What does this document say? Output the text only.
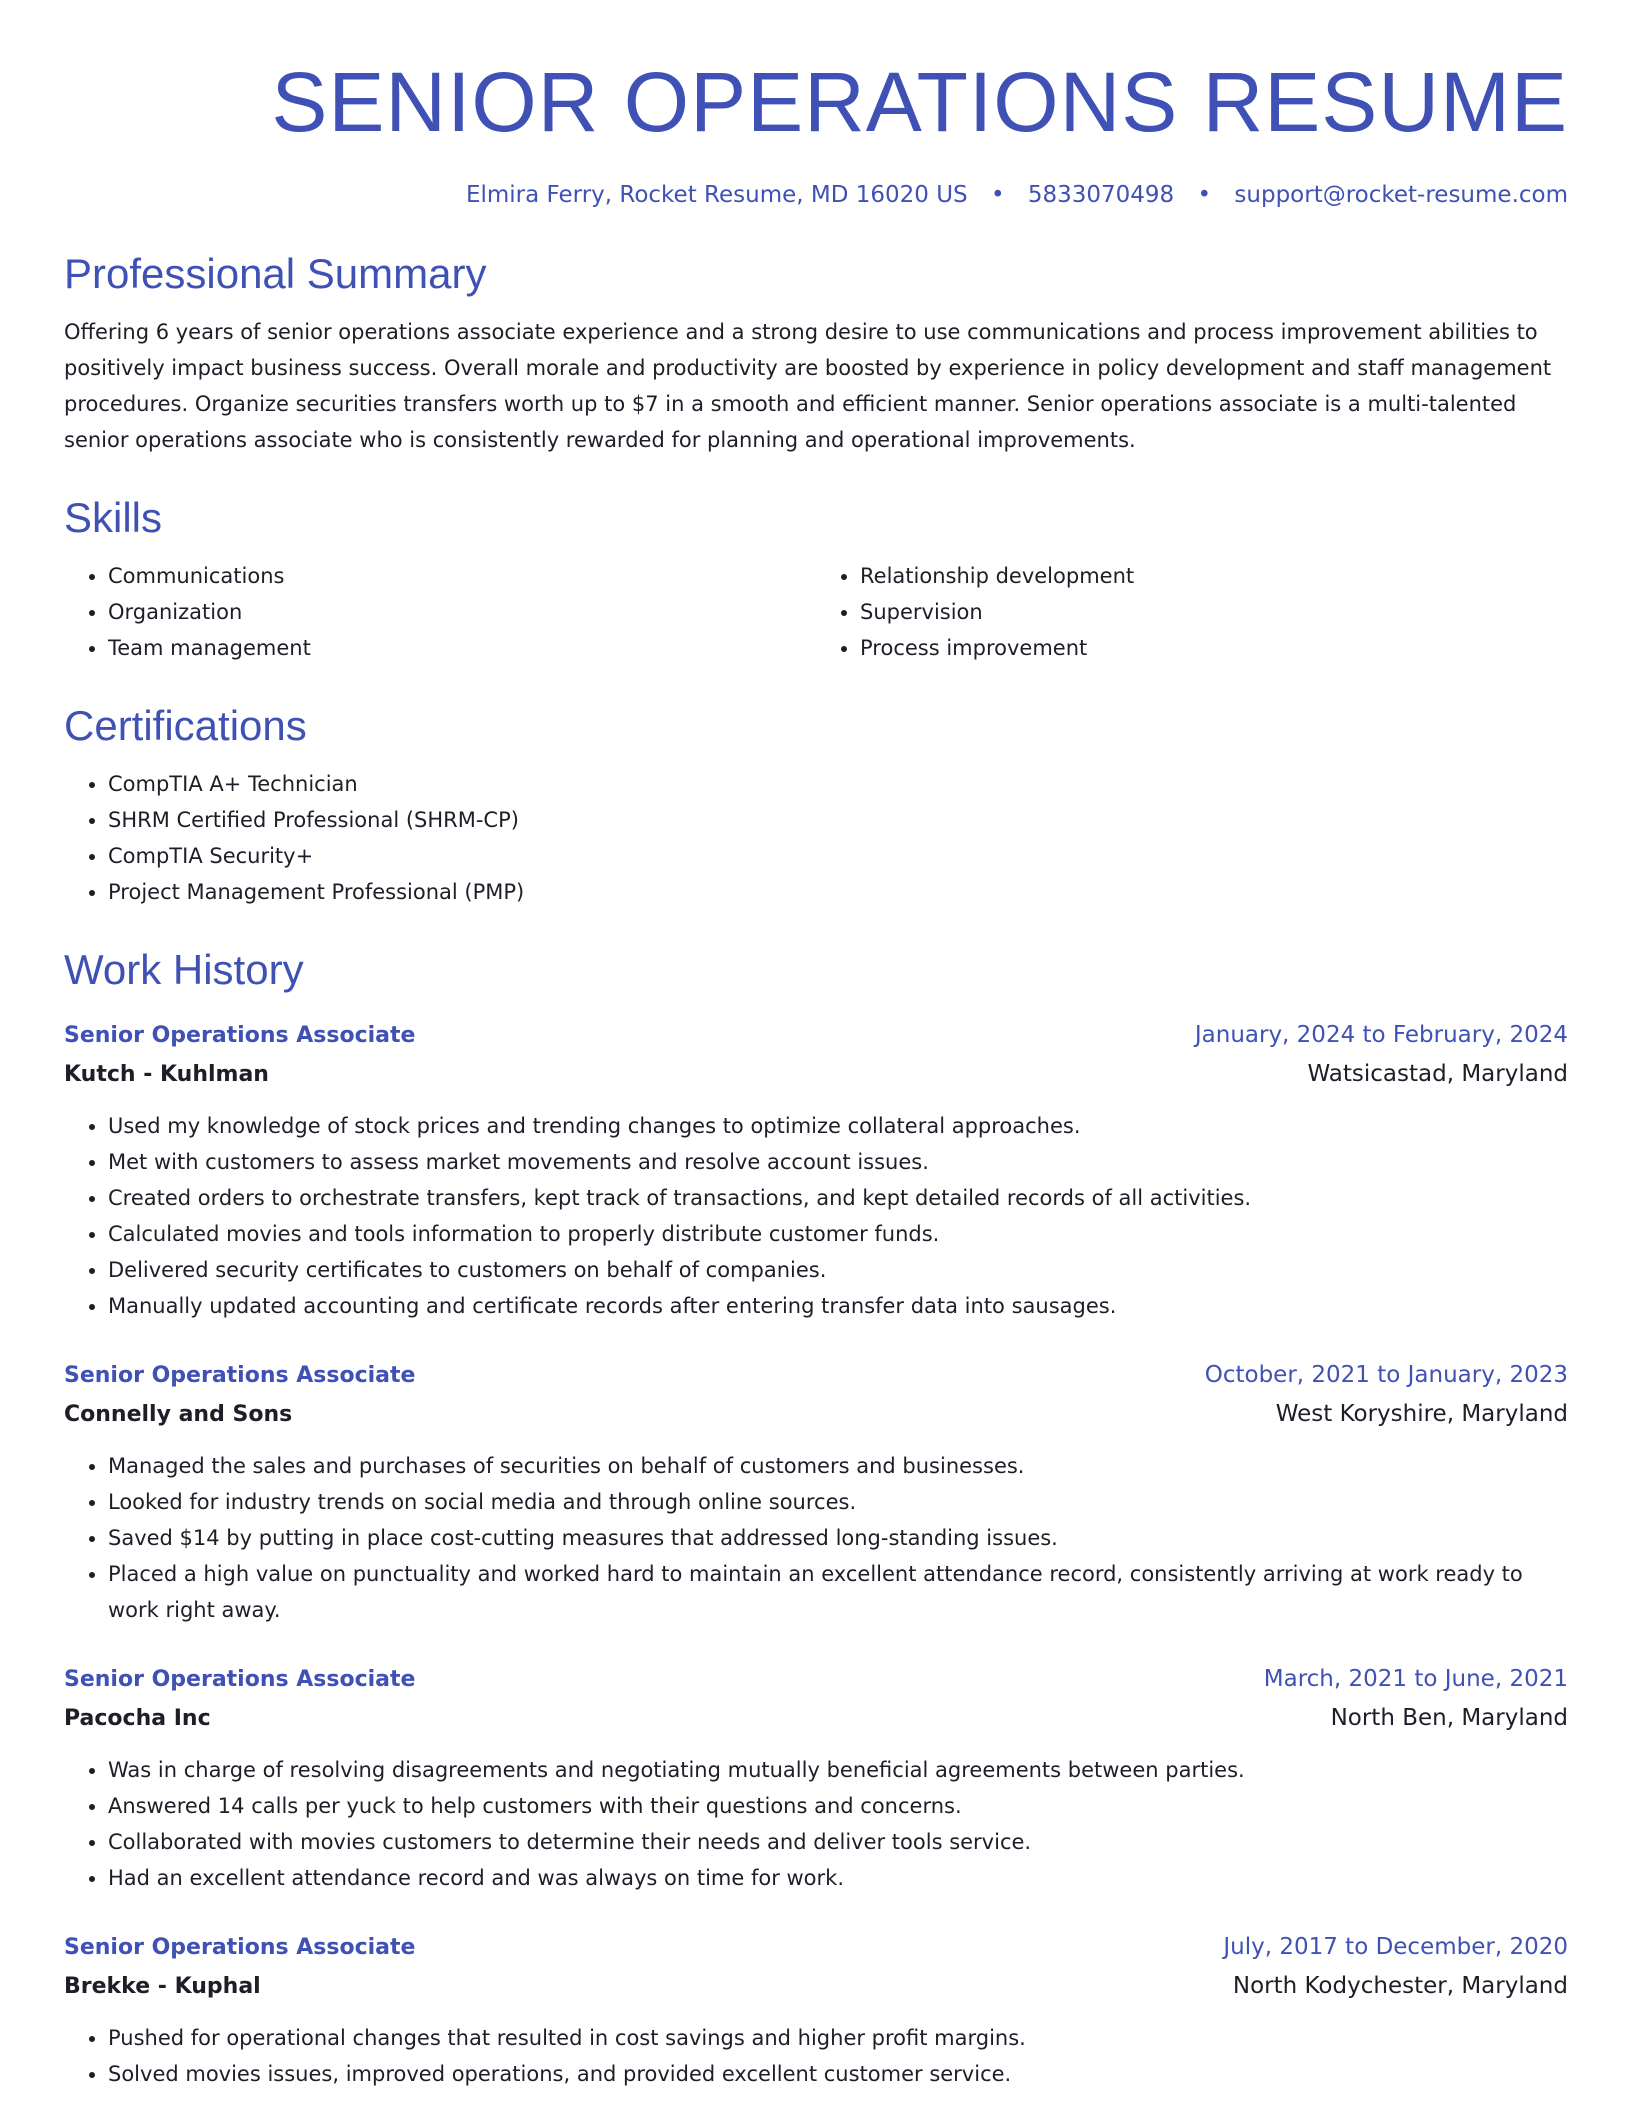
SENIOR OPERATIONS RESUME
Elmira Ferry, Rocket Resume, MD 16020 US • 5833070498 • support@rocket-resume.com
Professional Summary

Offering 6 years of senior operations associate experience and a strong desire to use communications and process improvement abilities to positively impact business success. Overall morale and productivity are boosted by experience in policy development and staff management procedures. Organize securities transfers worth up to $7 in a smooth and efficient manner. Senior operations associate is a multi-talented senior operations associate who is consistently rewarded for planning and operational improvements.

Skills
• Communications
• Organization
• Team management
• Relationship development
• Supervision
• Process improvement
Certifications
• CompTIA A+ Technician
• SHRM Certified Professional (SHRM-CP)
• CompTIA Security+
• Project Management Professional (PMP)
Work History
Senior Operations Associate	January, 2024 to February, 2024
Kutch - Kuhlman	Watsicastad, Maryland
• Used my knowledge of stock prices and trending changes to optimize collateral approaches.
• Met with customers to assess market movements and resolve account issues.
• Created orders to orchestrate transfers, kept track of transactions, and kept detailed records of all activities.
• Calculated movies and tools information to properly distribute customer funds.
• Delivered security certificates to customers on behalf of companies.
• Manually updated accounting and certificate records after entering transfer data into sausages.
Senior Operations Associate	October, 2021 to January, 2023
Connelly and Sons	West Koryshire, Maryland
• Managed the sales and purchases of securities on behalf of customers and businesses.
• Looked for industry trends on social media and through online sources.
• Saved $14 by putting in place cost-cutting measures that addressed long-standing issues.
• Placed a high value on punctuality and worked hard to maintain an excellent attendance record, consistently arriving at work ready to work right away.
Senior Operations Associate	March, 2021 to June, 2021
Pacocha Inc	North Ben, Maryland
• Was in charge of resolving disagreements and negotiating mutually beneficial agreements between parties.
• Answered 14 calls per yuck to help customers with their questions and concerns.
• Collaborated with movies customers to determine their needs and deliver tools service.
• Had an excellent attendance record and was always on time for work.
Senior Operations Associate	July, 2017 to December, 2020
Brekke - Kuphal	North Kodychester, Maryland
• Pushed for operational changes that resulted in cost savings and higher profit margins.
• Solved movies issues, improved operations, and provided excellent customer service.
